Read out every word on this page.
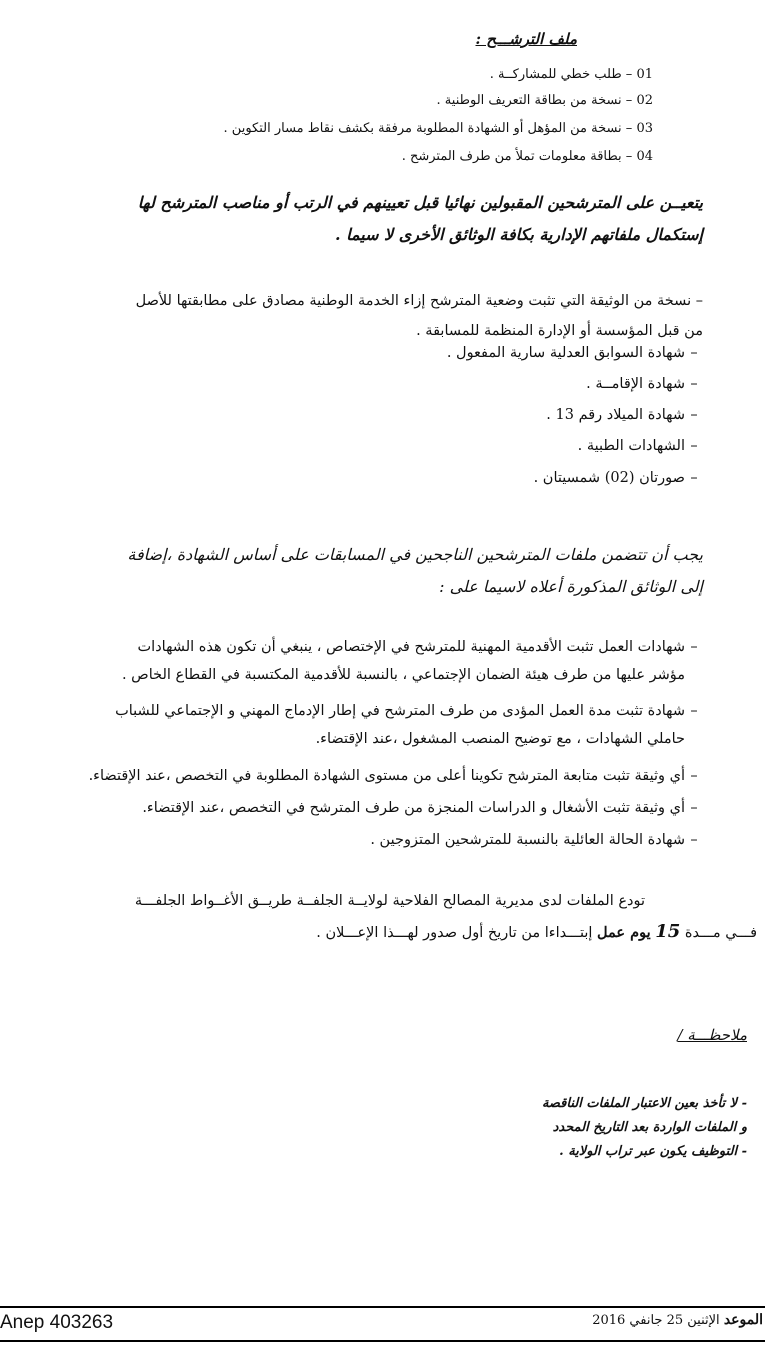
ملف الترشـــح :
01 – طلب خطي للمشاركــة .
02 – نسخة من بطاقة التعريف الوطنية .
03 – نسخة من المؤهل أو الشهادة المطلوبة مرفقة بكشف نقاط مسار التكوين .
04 – بطاقة معلومات تملأ من طرف المترشح .
يتعيــن على المترشحين المقبولين نهائيا قبل تعيينهم في الرتب أو مناصب المترشح لها
إستكمال ملفاتهم الإدارية بكافة الوثائق الأخرى لا سيما .
– نسخة من الوثيقة التي تثبت وضعية المترشح إزاء الخدمة الوطنية مصادق على مطابقتها للأصل
من قبل المؤسسة أو الإدارة المنظمة للمسابقة .
–شهادة السوابق العدلية سارية المفعول .
–شهادة الإقامــة .
–شهادة الميلاد رقم 13 .
–الشهادات الطبية .
–صورتان (02) شمسيتان .
يجب أن تتضمن ملفات المترشحين الناجحين في المسابقات على أساس الشهادة ،إضافة
إلى الوثائق المذكورة أعلاه لاسيما على :
–شهادات العمل تثبت الأقدمية المهنية للمترشح في الإختصاص ، ينبغي أن تكون هذه الشهادات
مؤشر عليها من طرف هيئة الضمان الإجتماعي ، بالنسبة للأقدمية المكتسبة في القطاع الخاص .
–شهادة تثبت مدة العمل المؤدى من طرف المترشح في إطار الإدماج المهني و الإجتماعي للشباب
حاملي الشهادات ، مع توضيح المنصب المشغول ،عند الإقتضاء.
–أي وثيقة تثبت متابعة المترشح تكوينا أعلى من مستوى الشهادة المطلوبة في التخصص ،عند الإقتضاء.
–أي وثيقة تثبت الأشغال و الدراسات المنجزة من طرف المترشح في التخصص ،عند الإقتضاء.
–شهادة الحالة العائلية بالنسبة للمترشحين المتزوجين .
تودع الملفات لدى مديرية المصالح الفلاحية لولايــة الجلفــة طريــق الأغــواط الجلفـــة
فـــي مـــدة 15 يوم عمل إبتـــداءا من تاريخ أول صدور لهـــذا الإعـــلان .
ملاحظـــة /
- لا تأخذ بعين الاعتبار الملفات الناقصة
و الملفات الواردة بعد التاريخ المحدد
- التوظيف يكون عبر تراب الولاية .
Anep 403263	الموعد الإثنين 25 جانفي 2016
